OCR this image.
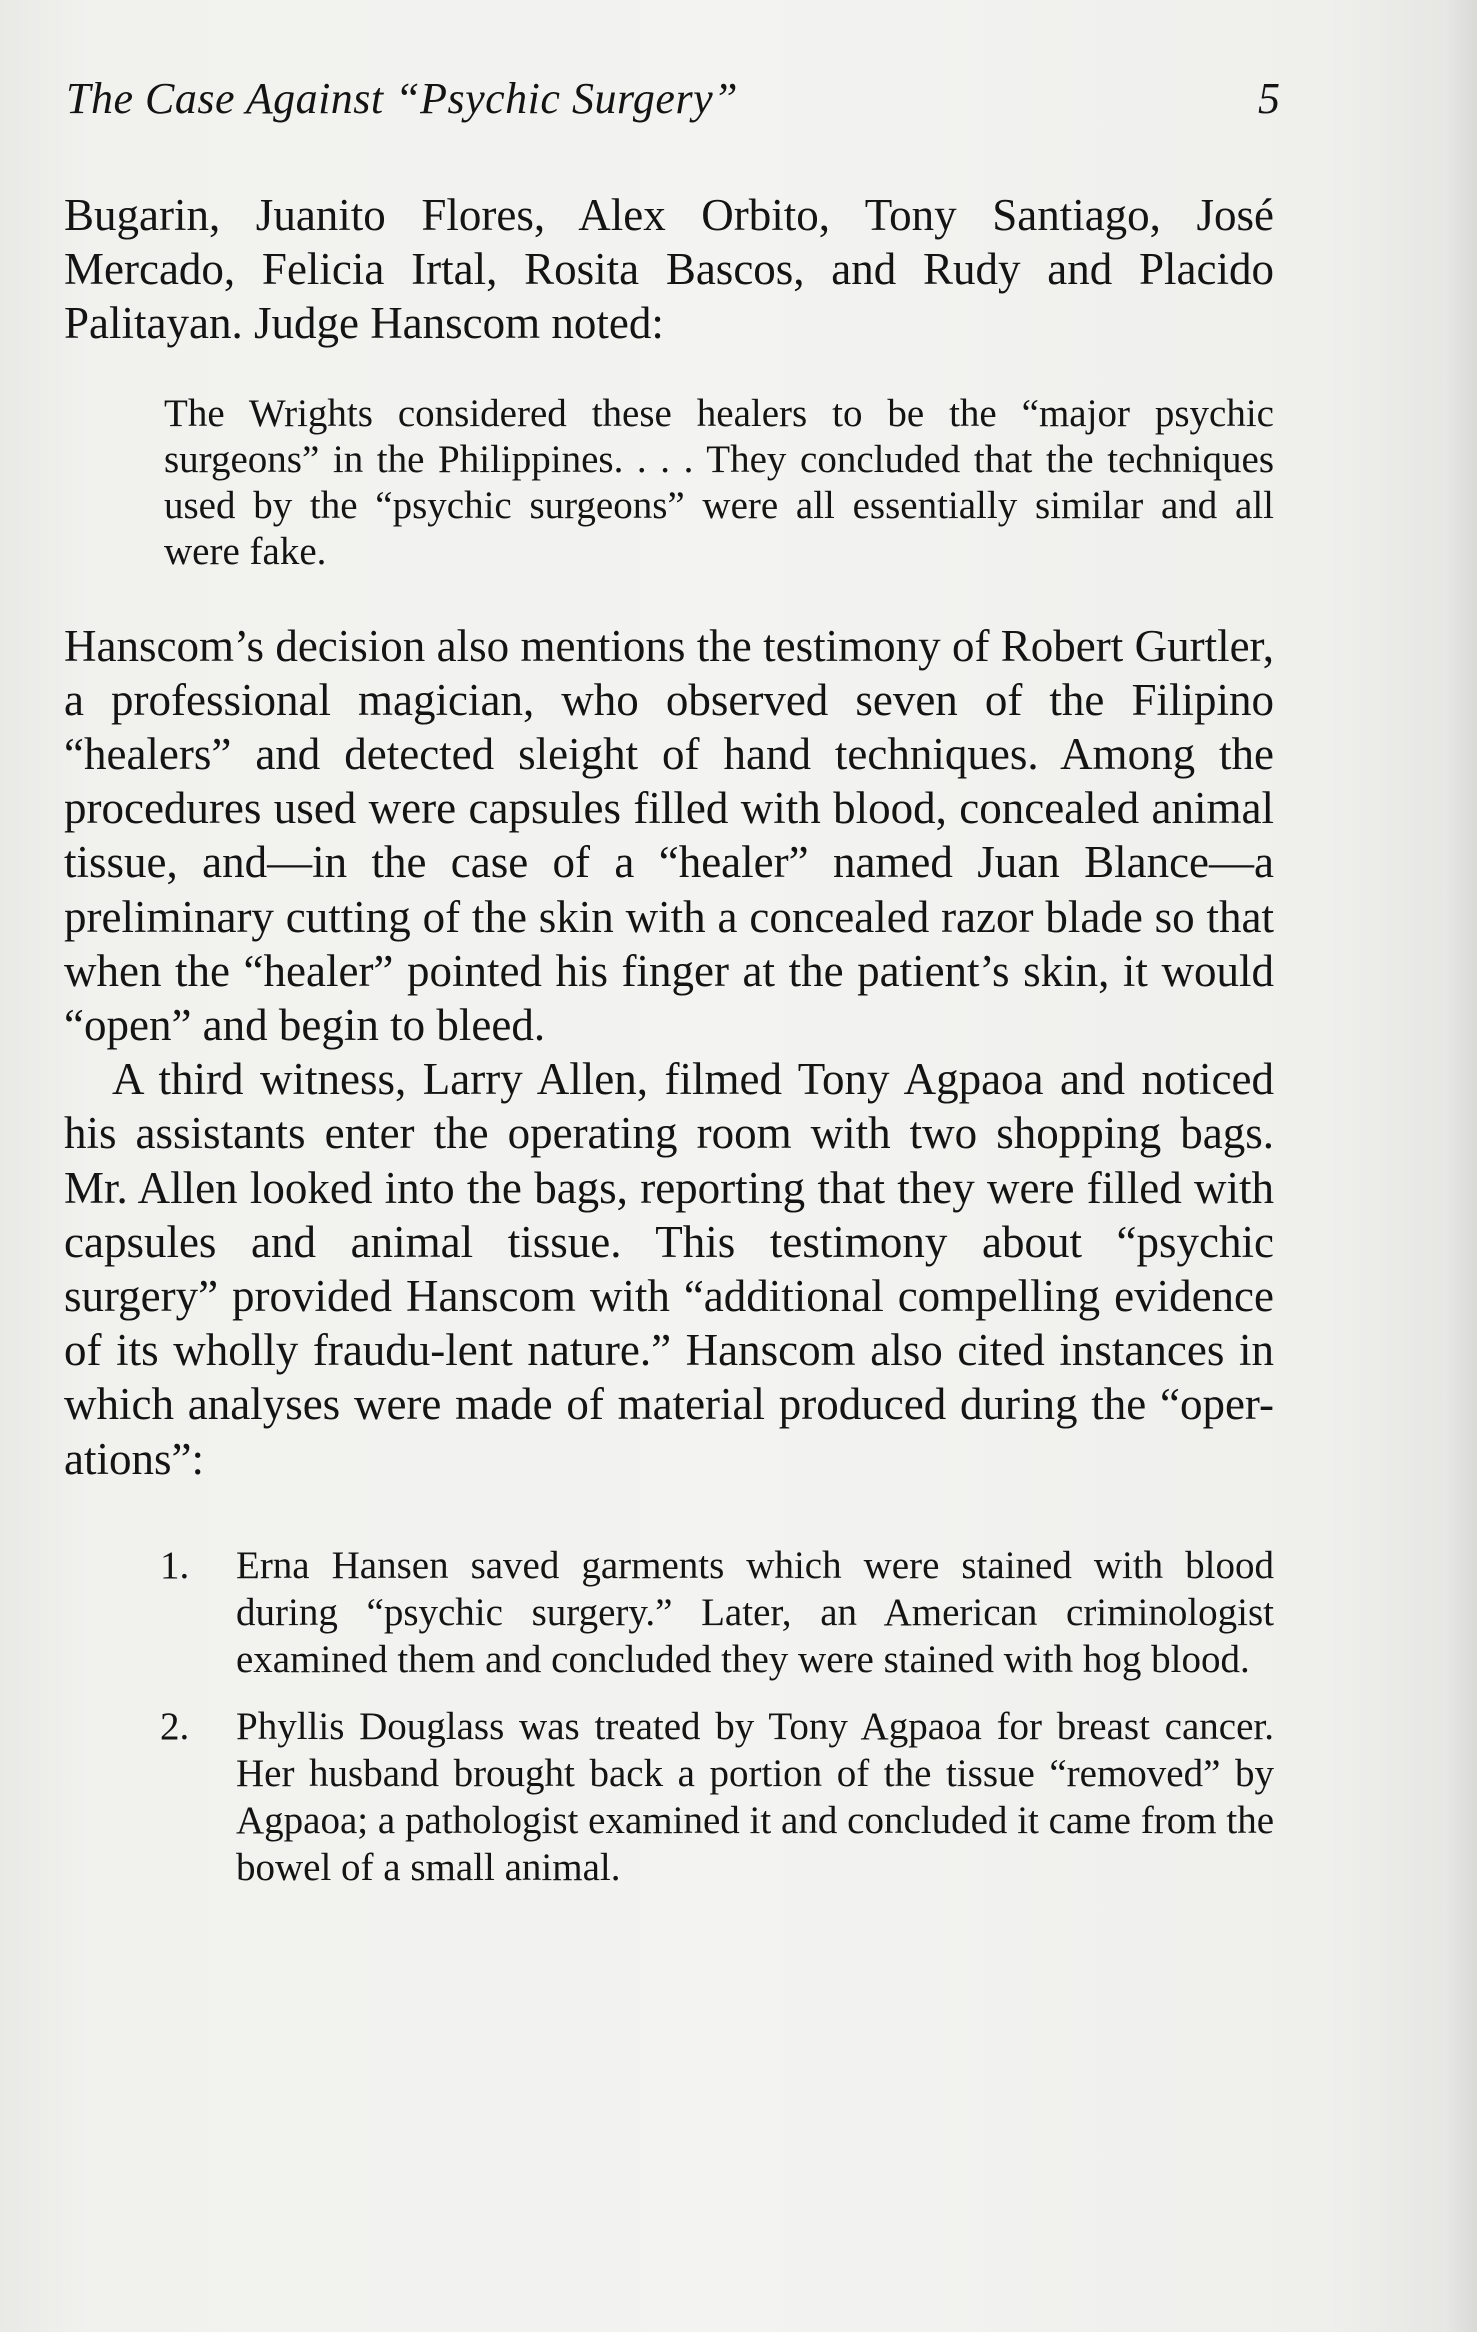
The Case Against “Psychic Surgery”	5

Bugarin, Juanito Flores, Alex Orbito, Tony Santiago, José Mercado, Felicia Irtal, Rosita Bascos, and Rudy and Placido Palitayan. Judge Hanscom noted:

The Wrights considered these healers to be the “major psychic surgeons” in the Philippines. . . . They concluded that the techniques used by the “psychic surgeons” were all essentially similar and all were fake.

Hanscom’s decision also mentions the testimony of Robert Gurtler, a professional magician, who observed seven of the Filipino “healers” and detected sleight of hand techniques. Among the procedures used were capsules filled with blood, concealed animal tissue, and—in the case of a “healer” named Juan Blance—a preliminary cutting of the skin with a concealed razor blade so that when the “healer” pointed his finger at the patient’s skin, it would “open” and begin to bleed.

A third witness, Larry Allen, filmed Tony Agpaoa and noticed his assistants enter the operating room with two shopping bags. Mr. Allen looked into the bags, reporting that they were filled with capsules and animal tissue. This testimony about “psychic surgery” provided Hanscom with “additional compelling evidence of its wholly fraudu-lent nature.” Hanscom also cited instances in which analyses were made of material produced during the “oper-ations”:

1. Erna Hansen saved garments which were stained with blood during “psychic surgery.” Later, an American criminologist examined them and concluded they were stained with hog blood.
2. Phyllis Douglass was treated by Tony Agpaoa for breast cancer. Her husband brought back a portion of the tissue “removed” by Agpaoa; a pathologist examined it and concluded it came from the bowel of a small animal.
